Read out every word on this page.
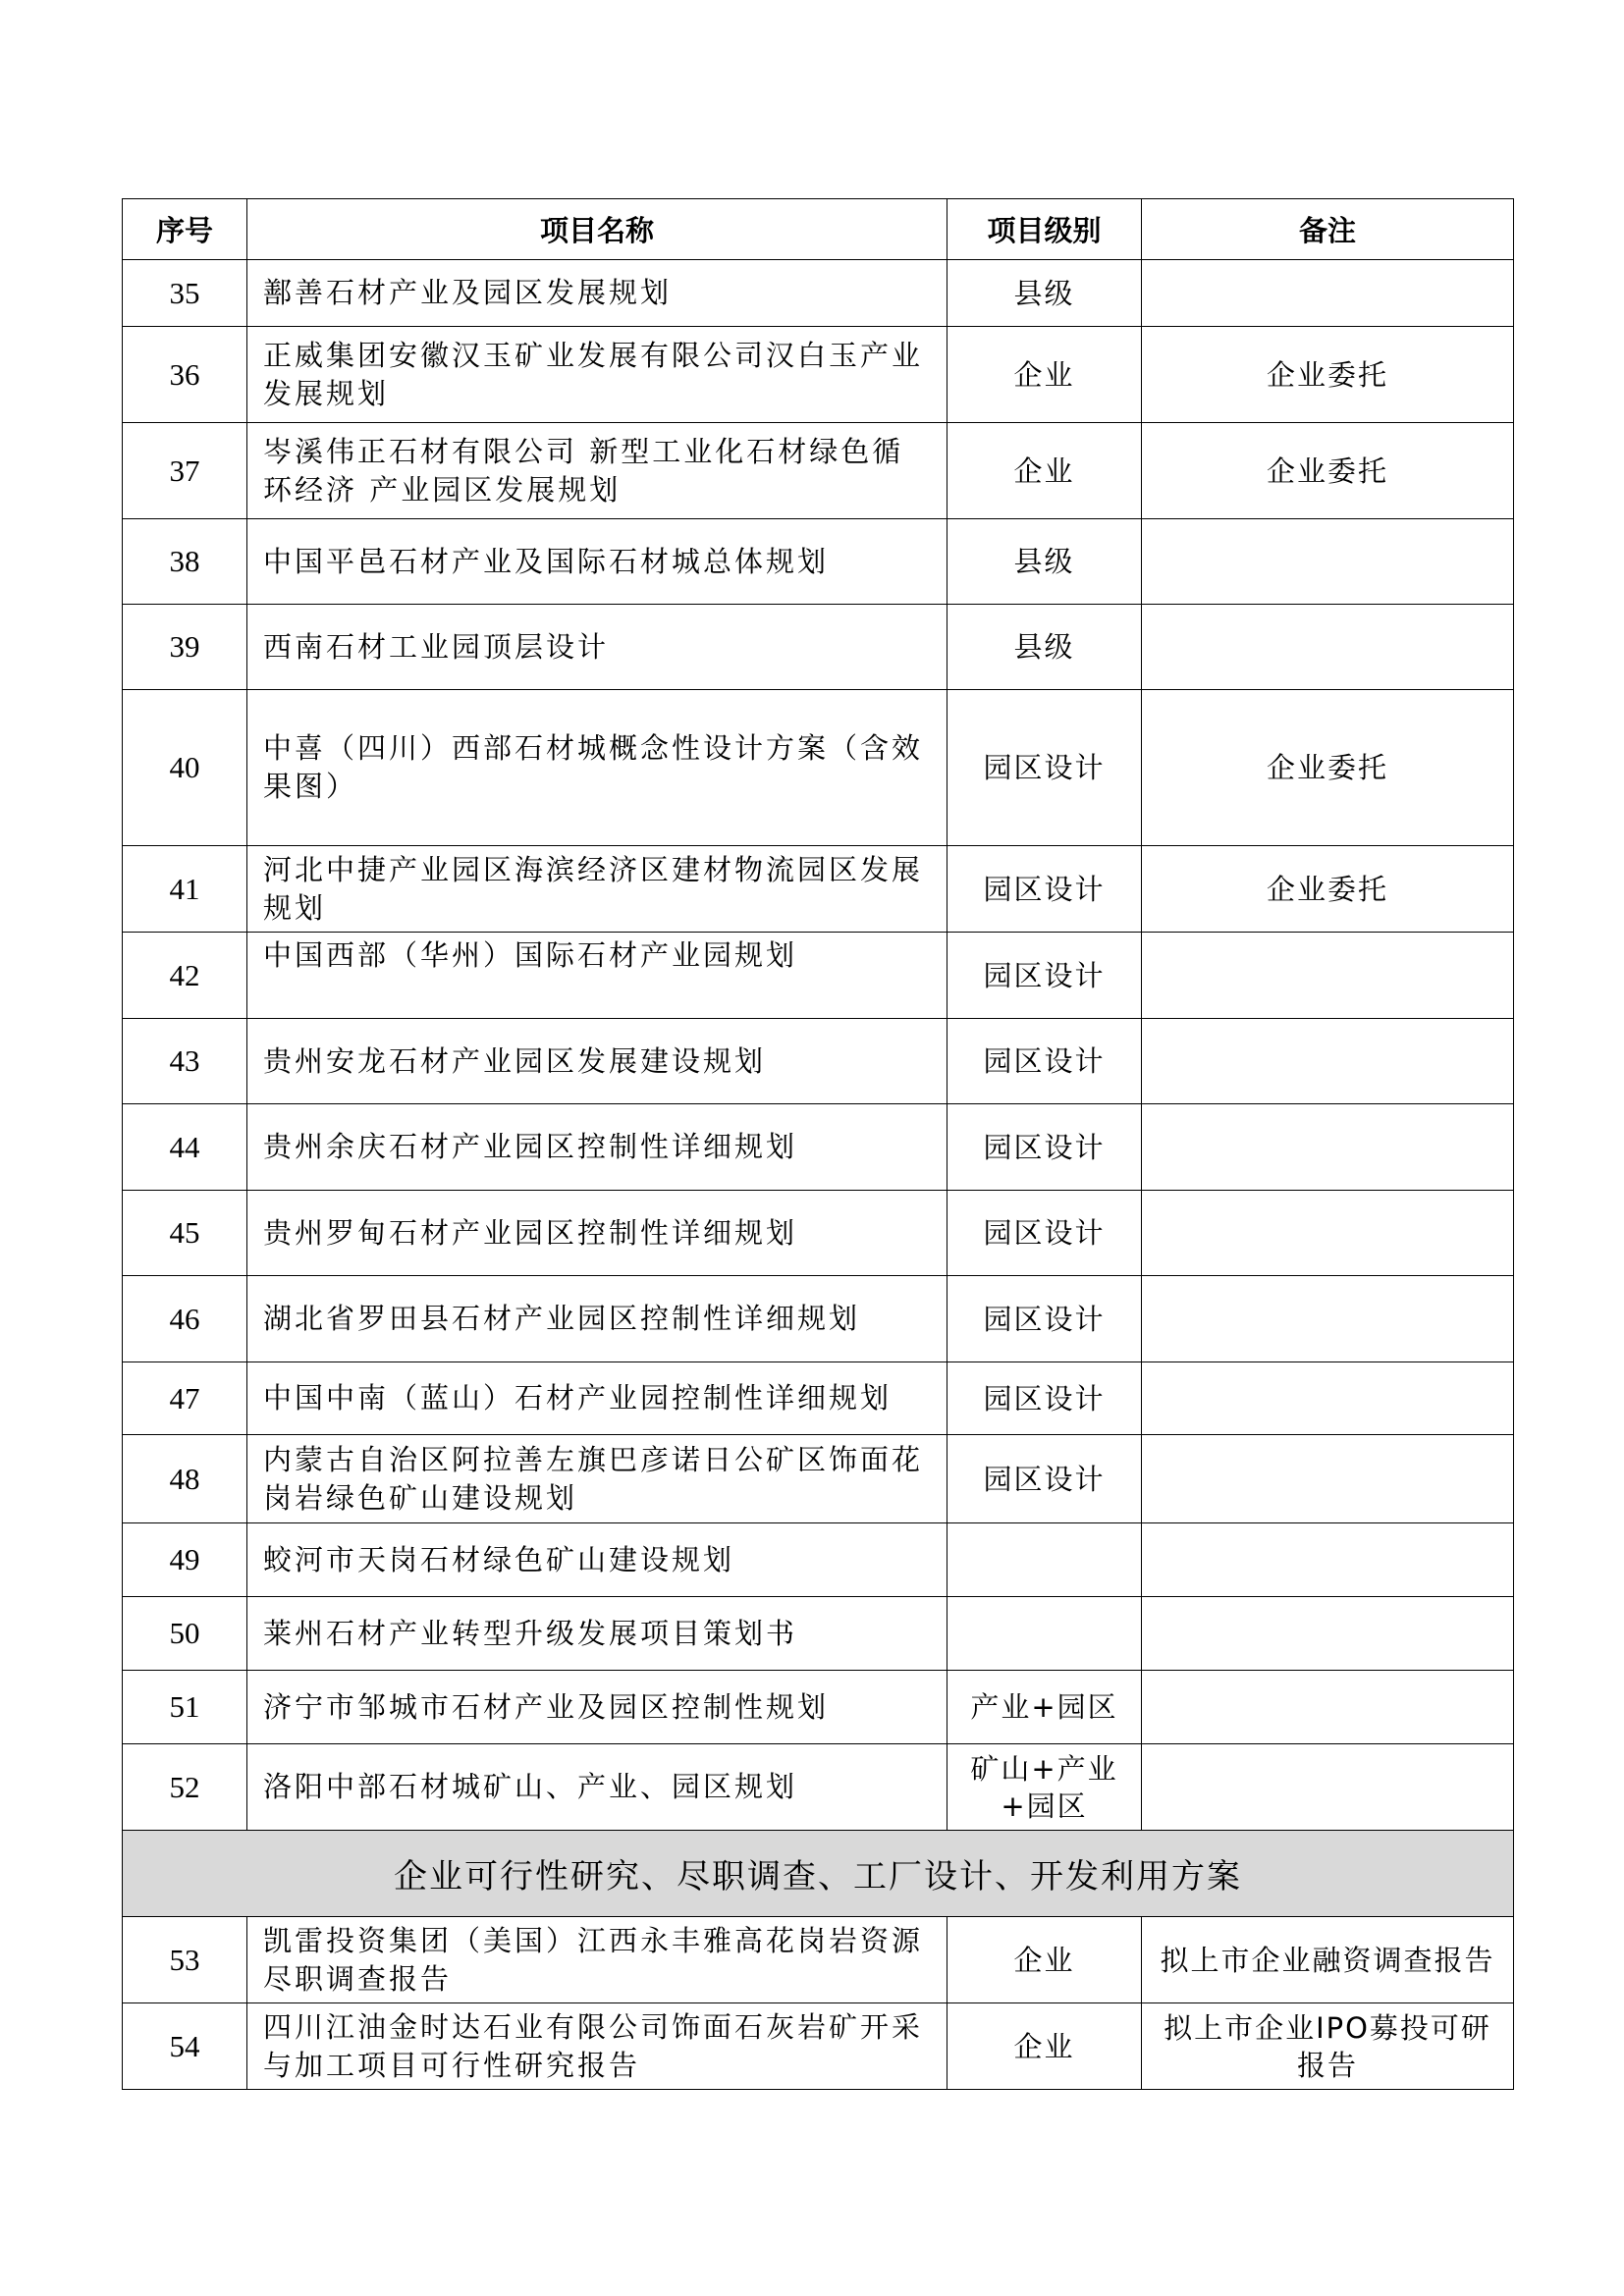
序号	项目名称	项目级别	备注
35	鄯善石材产业及园区发展规划	县级	
36	正威集团安徽汉玉矿业发展有限公司汉白玉产业发展规划	企业	企业委托
37	岑溪伟正石材有限公司 新型工业化石材绿色循环经济 产业园区发展规划	企业	企业委托
38	中国平邑石材产业及国际石材城总体规划	县级	
39	西南石材工业园顶层设计	县级	
40	中喜（四川）西部石材城概念性设计方案（含效果图）	园区设计	企业委托
41	河北中捷产业园区海滨经济区建材物流园区发展规划	园区设计	企业委托
42	中国西部（华州）国际石材产业园规划	园区设计	
43	贵州安龙石材产业园区发展建设规划	园区设计	
44	贵州余庆石材产业园区控制性详细规划	园区设计	
45	贵州罗甸石材产业园区控制性详细规划	园区设计	
46	湖北省罗田县石材产业园区控制性详细规划	园区设计	
47	中国中南（蓝山）石材产业园控制性详细规划	园区设计	
48	内蒙古自治区阿拉善左旗巴彦诺日公矿区饰面花岗岩绿色矿山建设规划	园区设计	
49	蛟河市天岗石材绿色矿山建设规划		
50	莱州石材产业转型升级发展项目策划书		
51	济宁市邹城市石材产业及园区控制性规划	产业+园区	
52	洛阳中部石材城矿山、产业、园区规划	矿山+产业+园区	
企业可行性研究、尽职调查、工厂设计、开发利用方案			
53	凯雷投资集团（美国）江西永丰雅高花岗岩资源尽职调查报告	企业	拟上市企业融资调查报告
54	四川江油金时达石业有限公司饰面石灰岩矿开采与加工项目可行性研究报告	企业	拟上市企业IPO募投可研报告
